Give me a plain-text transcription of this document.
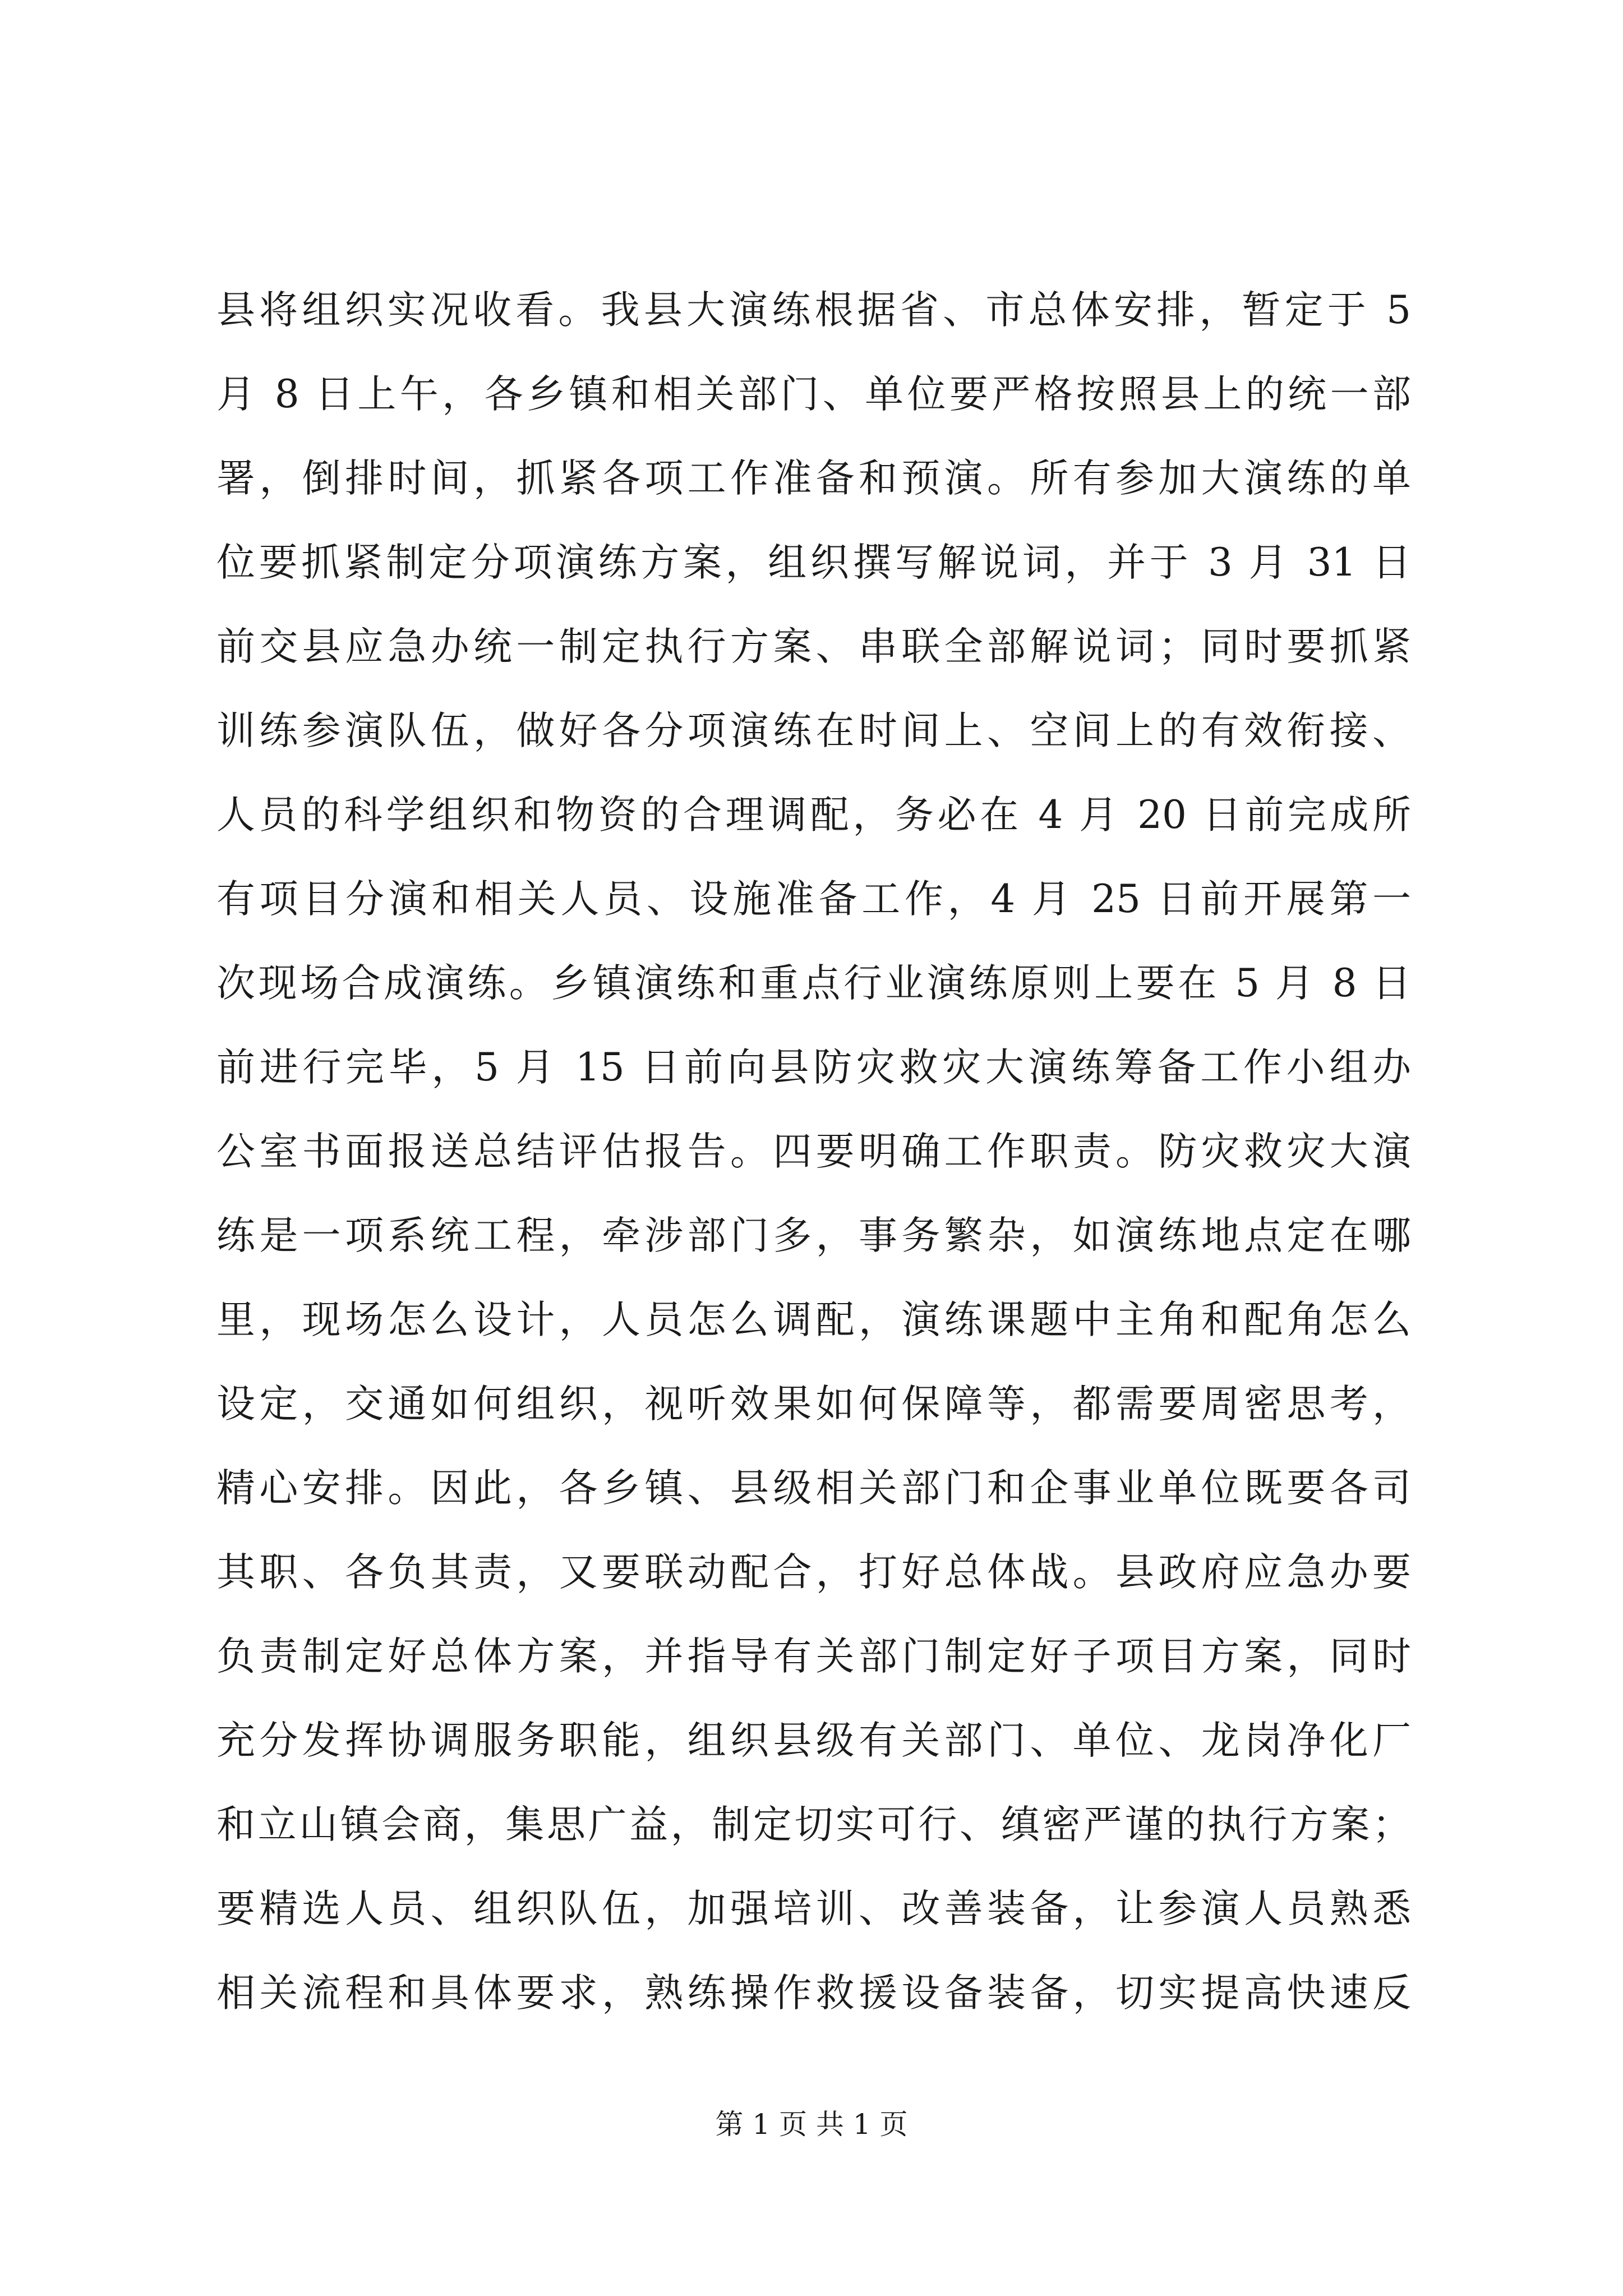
县将组织实况收看。我县大演练根据省、市总体安排，暂定于 5
月 8 日上午，各乡镇和相关部门、单位要严格按照县上的统一部
署，倒排时间，抓紧各项工作准备和预演。所有参加大演练的单
位要抓紧制定分项演练方案，组织撰写解说词，并于 3 月 31 日
前交县应急办统一制定执行方案、串联全部解说词；同时要抓紧
训练参演队伍，做好各分项演练在时间上、空间上的有效衔接、
人员的科学组织和物资的合理调配，务必在 4 月 20 日前完成所
有项目分演和相关人员、设施准备工作，4 月 25 日前开展第一
次现场合成演练。乡镇演练和重点行业演练原则上要在 5 月 8 日
前进行完毕，5 月 15 日前向县防灾救灾大演练筹备工作小组办
公室书面报送总结评估报告。四要明确工作职责。防灾救灾大演
练是一项系统工程，牵涉部门多，事务繁杂，如演练地点定在哪
里，现场怎么设计，人员怎么调配，演练课题中主角和配角怎么
设定，交通如何组织，视听效果如何保障等，都需要周密思考，
精心安排。因此，各乡镇、县级相关部门和企事业单位既要各司
其职、各负其责，又要联动配合，打好总体战。县政府应急办要
负责制定好总体方案，并指导有关部门制定好子项目方案，同时
充分发挥协调服务职能，组织县级有关部门、单位、龙岗净化厂
和立山镇会商，集思广益，制定切实可行、缜密严谨的执行方案；
要精选人员、组织队伍，加强培训、改善装备，让参演人员熟悉
相关流程和具体要求，熟练操作救援设备装备，切实提高快速反
第 1 页 共 1 页
